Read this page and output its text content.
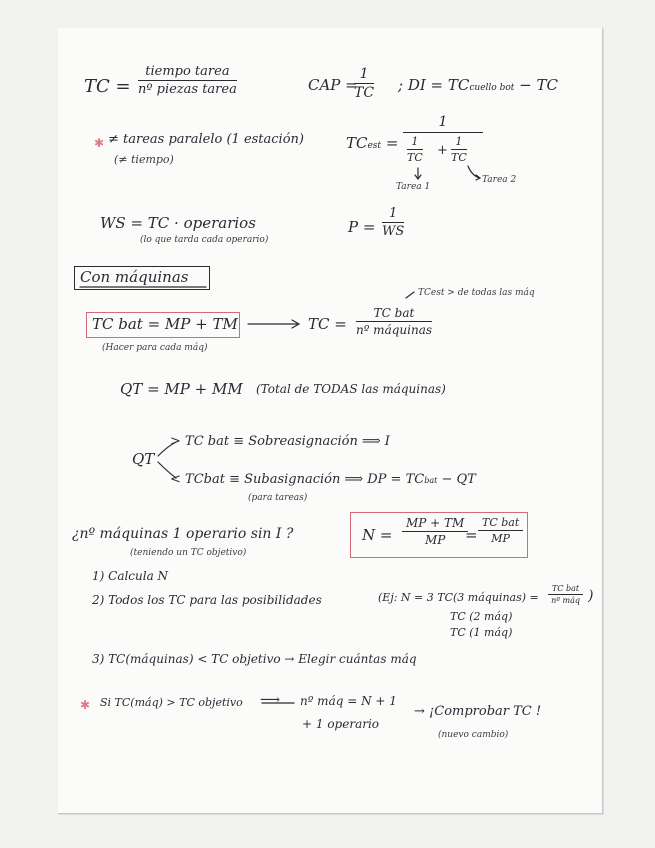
TC =
tiempo tarea
nº piezas tarea	CAP =
$\frac{1}{TC}$ ; DI = TCcuello bot − TC
✱ ≠ tareas paralelo (1 estación)
(≠ tiempo)
TCest =
1
$\frac{1}{TC} + \frac{1}{TC}$
Tarea 1
Tarea 2
WS = TC · operarios
(lo que tarda cada operario)
$P = \frac{1}{WS}$
Con máquinas
TC bat = MP + TM
(Hacer para cada máq)
TC =
TC bat
nº máquinas
TCest > de todas las máq
QT = MP + MM (Total de TODAS las máquinas)
QT
> TC bat ≡ Sobreasignación ⟹ I
< TCbat ≡ Subasignación ⟹ DP = TCbat − QT
(para tareas)
¿nº máquinas 1 operario sin I ?
(teniendo un TC objetivo)
$N = \frac{MP + TM}{MP}$
=
TC bat
MP
1) Calcula N
2) Todos los TC para las posibilidades	(Ej: N = 3 TC(3 máquinas) =
TC bat
nº máq )
TC (2 máq)
TC (1 máq)
3) TC(máquinas) < TC objetivo → Elegir cuántas máq
✱ Si TC(máq) > TC objetivo ⟶ nº máq = N + 1
+ 1 operario
→ ¡Comprobar TC !
(nuevo cambio)
